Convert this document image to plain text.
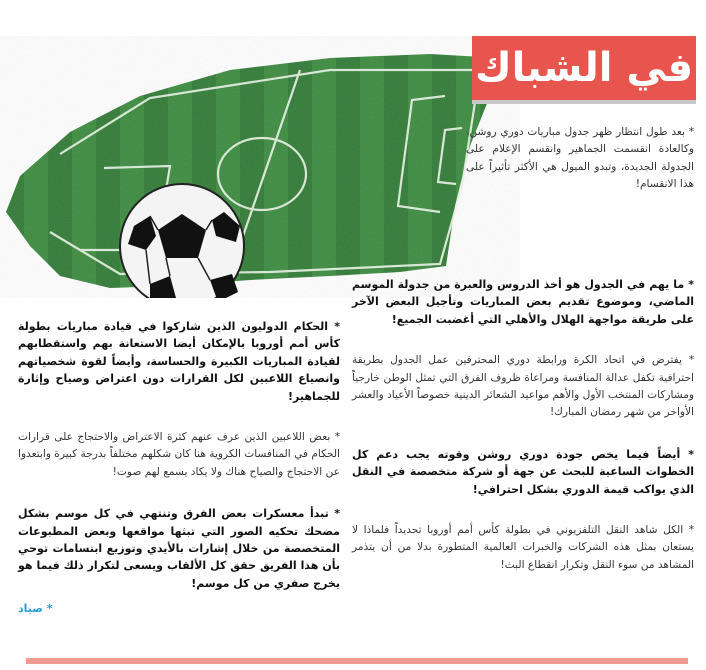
في الشباك

* بعد طول انتظار ظهر جدول مباريات دوري روشن، وكالعادة انقسمت الجماهير وانقسم الإعلام على الجدولة الجديدة، وتبدو الميول هي الأكثر تأثيراً على هذا الانقسام!

* ما يهم في الجدول هو أخذ الدروس والعبرة من جدولة الموسم الماضي، وموضوع تقديم بعض المباريات وتأجيل البعض الآخر على طريقة مواجهة الهلال والأهلي التي أغضبت الجميع!

* يفترض في اتحاد الكرة ورابطة دوري المحترفين عمل الجدول بطريقة احترافية تكفل عدالة المنافسة ومراعاة ظروف الفرق التي تمثل الوطن خارجياً ومشاركات المنتخب الأول والأهم مواعيد الشعائر الدينية خصوصاً الأعياد والعشر الأواخر من شهر رمضان المبارك!

* أيضاً فيما يخص جودة دوري روشن وقوته يجب دعم كل الخطوات الساعية للبحث عن جهة أو شركة متخصصة في النقل الذي يواكب قيمة الدوري بشكل احترافي!

* الكل شاهد النقل التلفزيوني في بطولة كأس أمم أوروبا تحديداً فلماذا لا يستعان بمثل هذه الشركات والخبرات العالمية المتطورة بدلا من أن يتذمر المشاهد من سوء النقل وتكرار انقطاع البث!

* الحكام الدوليون الذين شاركوا في قيادة مباريات بطولة كأس أمم أوروبا بالإمكان أيضا الاستعانة بهم واستقطابهم لقيادة المباريات الكبيرة والحساسة، وأيضاً لقوة شخصياتهم وانصياع اللاعبين لكل القرارات دون اعتراض وصياح وإثارة للجماهير!

* بعض اللاعبين الذين عرف عنهم كثرة الاعتراض والاحتجاج على قرارات الحكام في المنافسات الكروية هنا كان شكلهم مختلفاً بدرجة كبيرة وابتعدوا عن الاحتجاج والصياح هناك ولا يكاد يسمع لهم صوت!

* تبدأ معسكرات بعض الفرق وتنتهي في كل موسم بشكل مضحك تحكيه الصور التي تبثها مواقعها وبعض المطبوعات المتخصصة من خلال إشارات بالأيدي وتوزيع ابتسامات توحي بأن هذا الفريق حقق كل الألقاب ويسعى لتكرار ذلك فيما هو يخرج صفري من كل موسم!

* صياد
